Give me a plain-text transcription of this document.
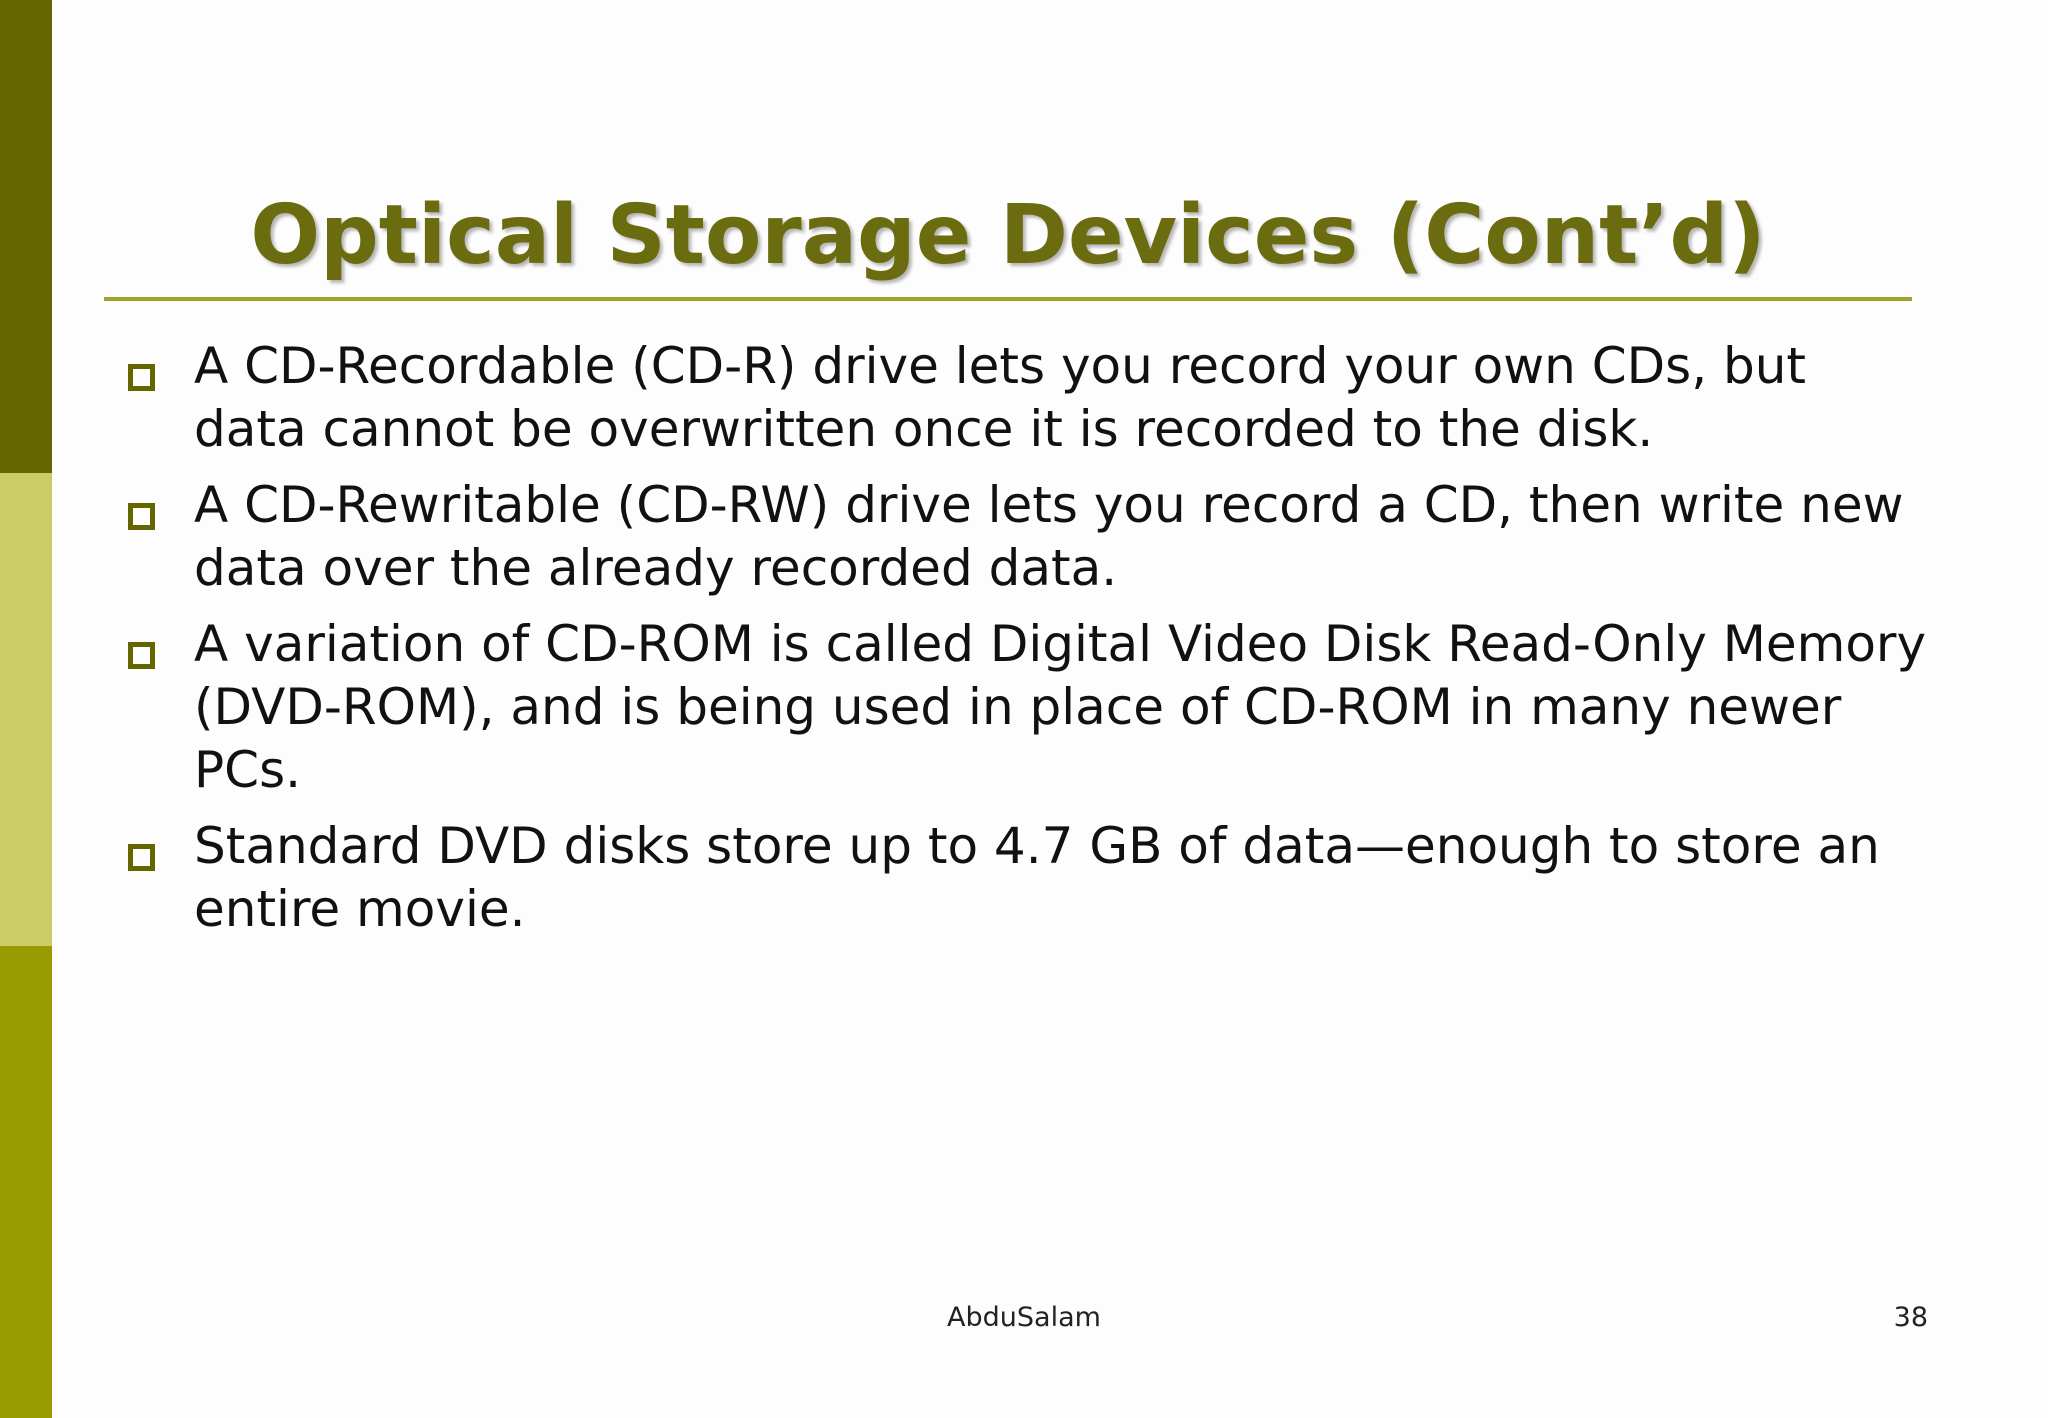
Optical Storage Devices (Cont’d)
A CD-Recordable (CD-R) drive lets you record your own CDs, but data cannot be overwritten once it is recorded to the disk.
A CD-Rewritable (CD-RW) drive lets you record a CD, then write new data over the already recorded data.
A variation of CD-ROM is called Digital Video Disk Read-Only Memory (DVD-ROM), and is being used in place of CD-ROM in many newer PCs.
Standard DVD disks store up to 4.7 GB of data—enough to store an entire movie.
AbduSalam	38
